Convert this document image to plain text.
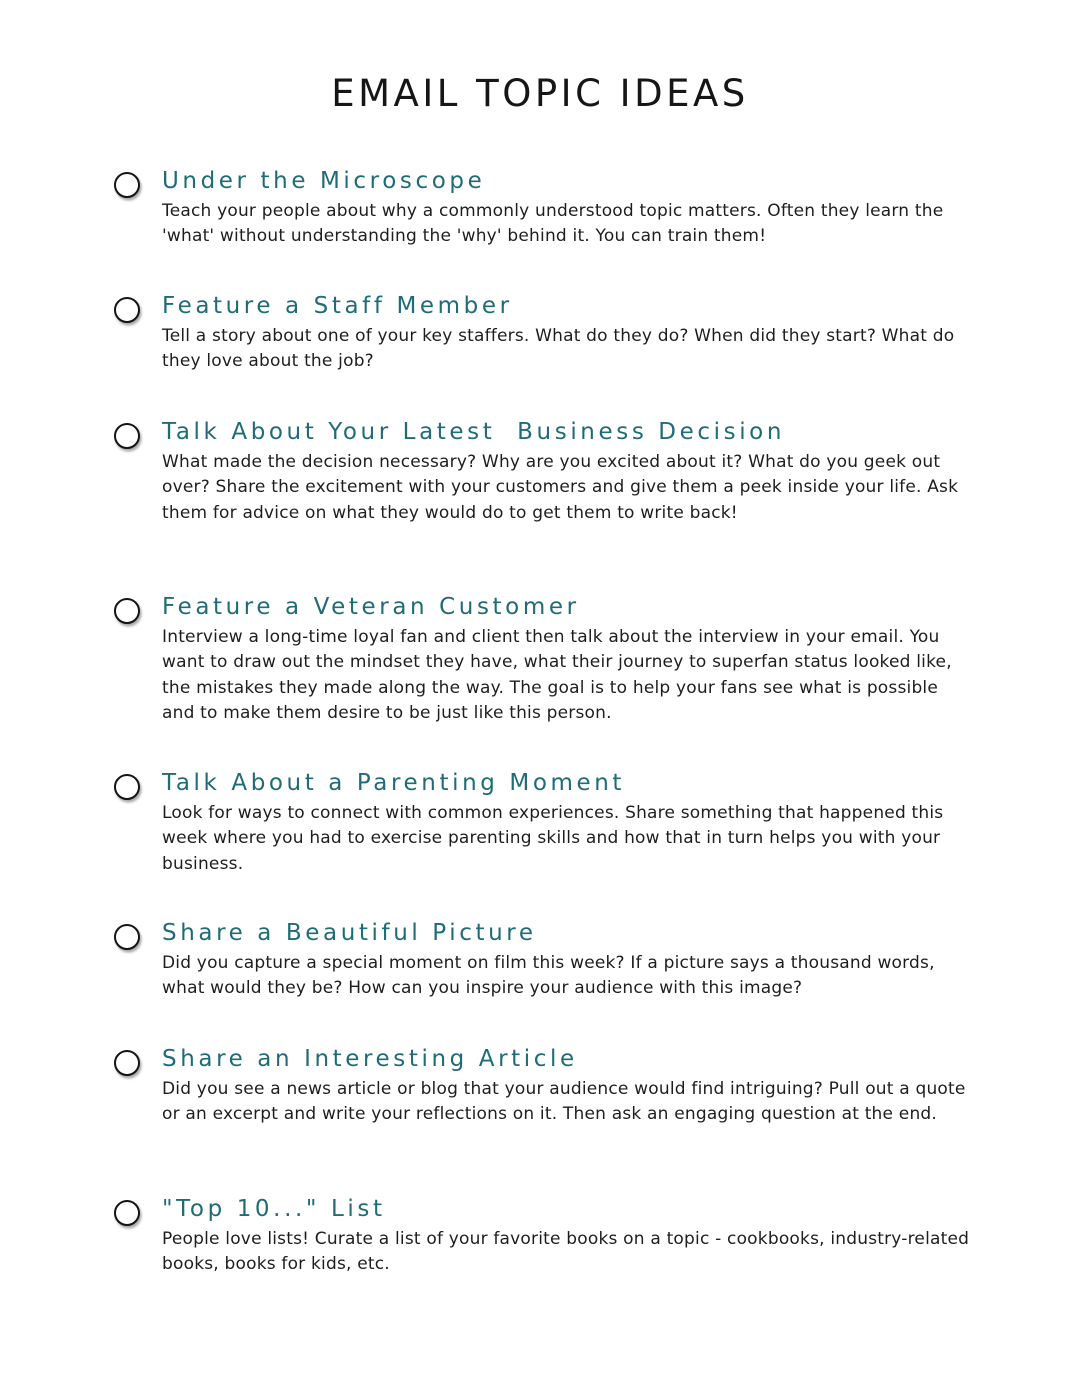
EMAIL TOPIC IDEAS
Under the Microscope

Teach your people about why a commonly understood topic matters. Often they learn the 'what' without understanding the 'why' behind it. You can train them!

Feature a Staff Member

Tell a story about one of your key staffers. What do they do? When did they start? What do they love about the job?

Talk About Your Latest  Business Decision

What made the decision necessary? Why are you excited about it? What do you geek out over? Share the excitement with your customers and give them a peek inside your life. Ask them for advice on what they would do to get them to write back!

Feature a Veteran Customer

Interview a long-time loyal fan and client then talk about the interview in your email. You want to draw out the mindset they have, what their journey to superfan status looked like, the mistakes they made along the way. The goal is to help your fans see what is possible and to make them desire to be just like this person.

Talk About a Parenting Moment

Look for ways to connect with common experiences. Share something that happened this week where you had to exercise parenting skills and how that in turn helps you with your business.

Share a Beautiful Picture

Did you capture a special moment on film this week? If a picture says a thousand words, what would they be? How can you inspire your audience with this image?

Share an Interesting Article

Did you see a news article or blog that your audience would find intriguing? Pull out a quote or an excerpt and write your reflections on it. Then ask an engaging question at the end.

"Top 10..." List

People love lists! Curate a list of your favorite books on a topic - cookbooks, industry-related books, books for kids, etc.
